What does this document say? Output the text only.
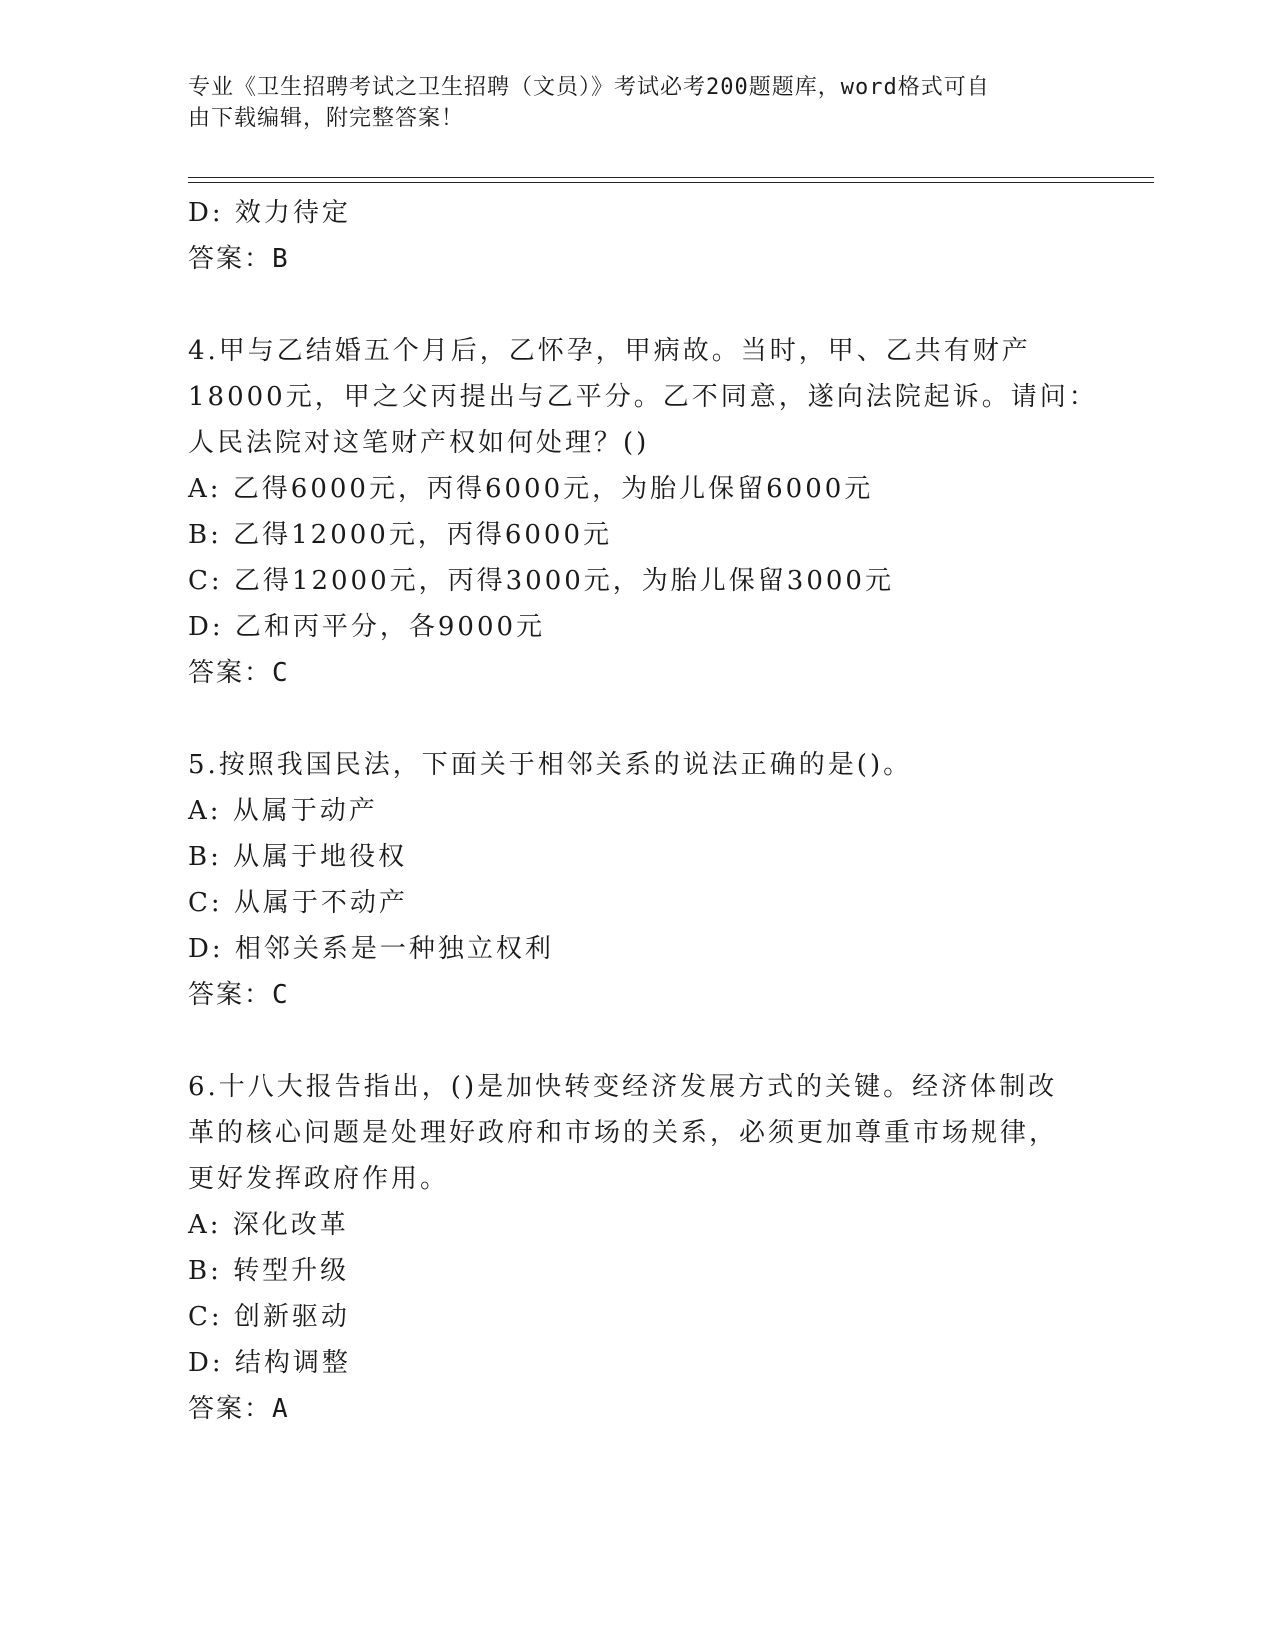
专业《卫生招聘考试之卫生招聘（文员）》考试必考200题题库，word格式可自
由下载编辑，附完整答案！
D: 效力待定
答案：B
4.甲与乙结婚五个月后，乙怀孕，甲病故。当时，甲、乙共有财产
18000元，甲之父丙提出与乙平分。乙不同意，遂向法院起诉。请问：
人民法院对这笔财产权如何处理？()
A: 乙得6000元，丙得6000元，为胎儿保留6000元
B: 乙得12000元，丙得6000元
C: 乙得12000元，丙得3000元，为胎儿保留3000元
D: 乙和丙平分，各9000元
答案：C
5.按照我国民法，下面关于相邻关系的说法正确的是()。
A: 从属于动产
B: 从属于地役权
C: 从属于不动产
D: 相邻关系是一种独立权利
答案：C
6.十八大报告指出，()是加快转变经济发展方式的关键。经济体制改
革的核心问题是处理好政府和市场的关系，必须更加尊重市场规律，
更好发挥政府作用。
A: 深化改革
B: 转型升级
C: 创新驱动
D: 结构调整
答案：A
